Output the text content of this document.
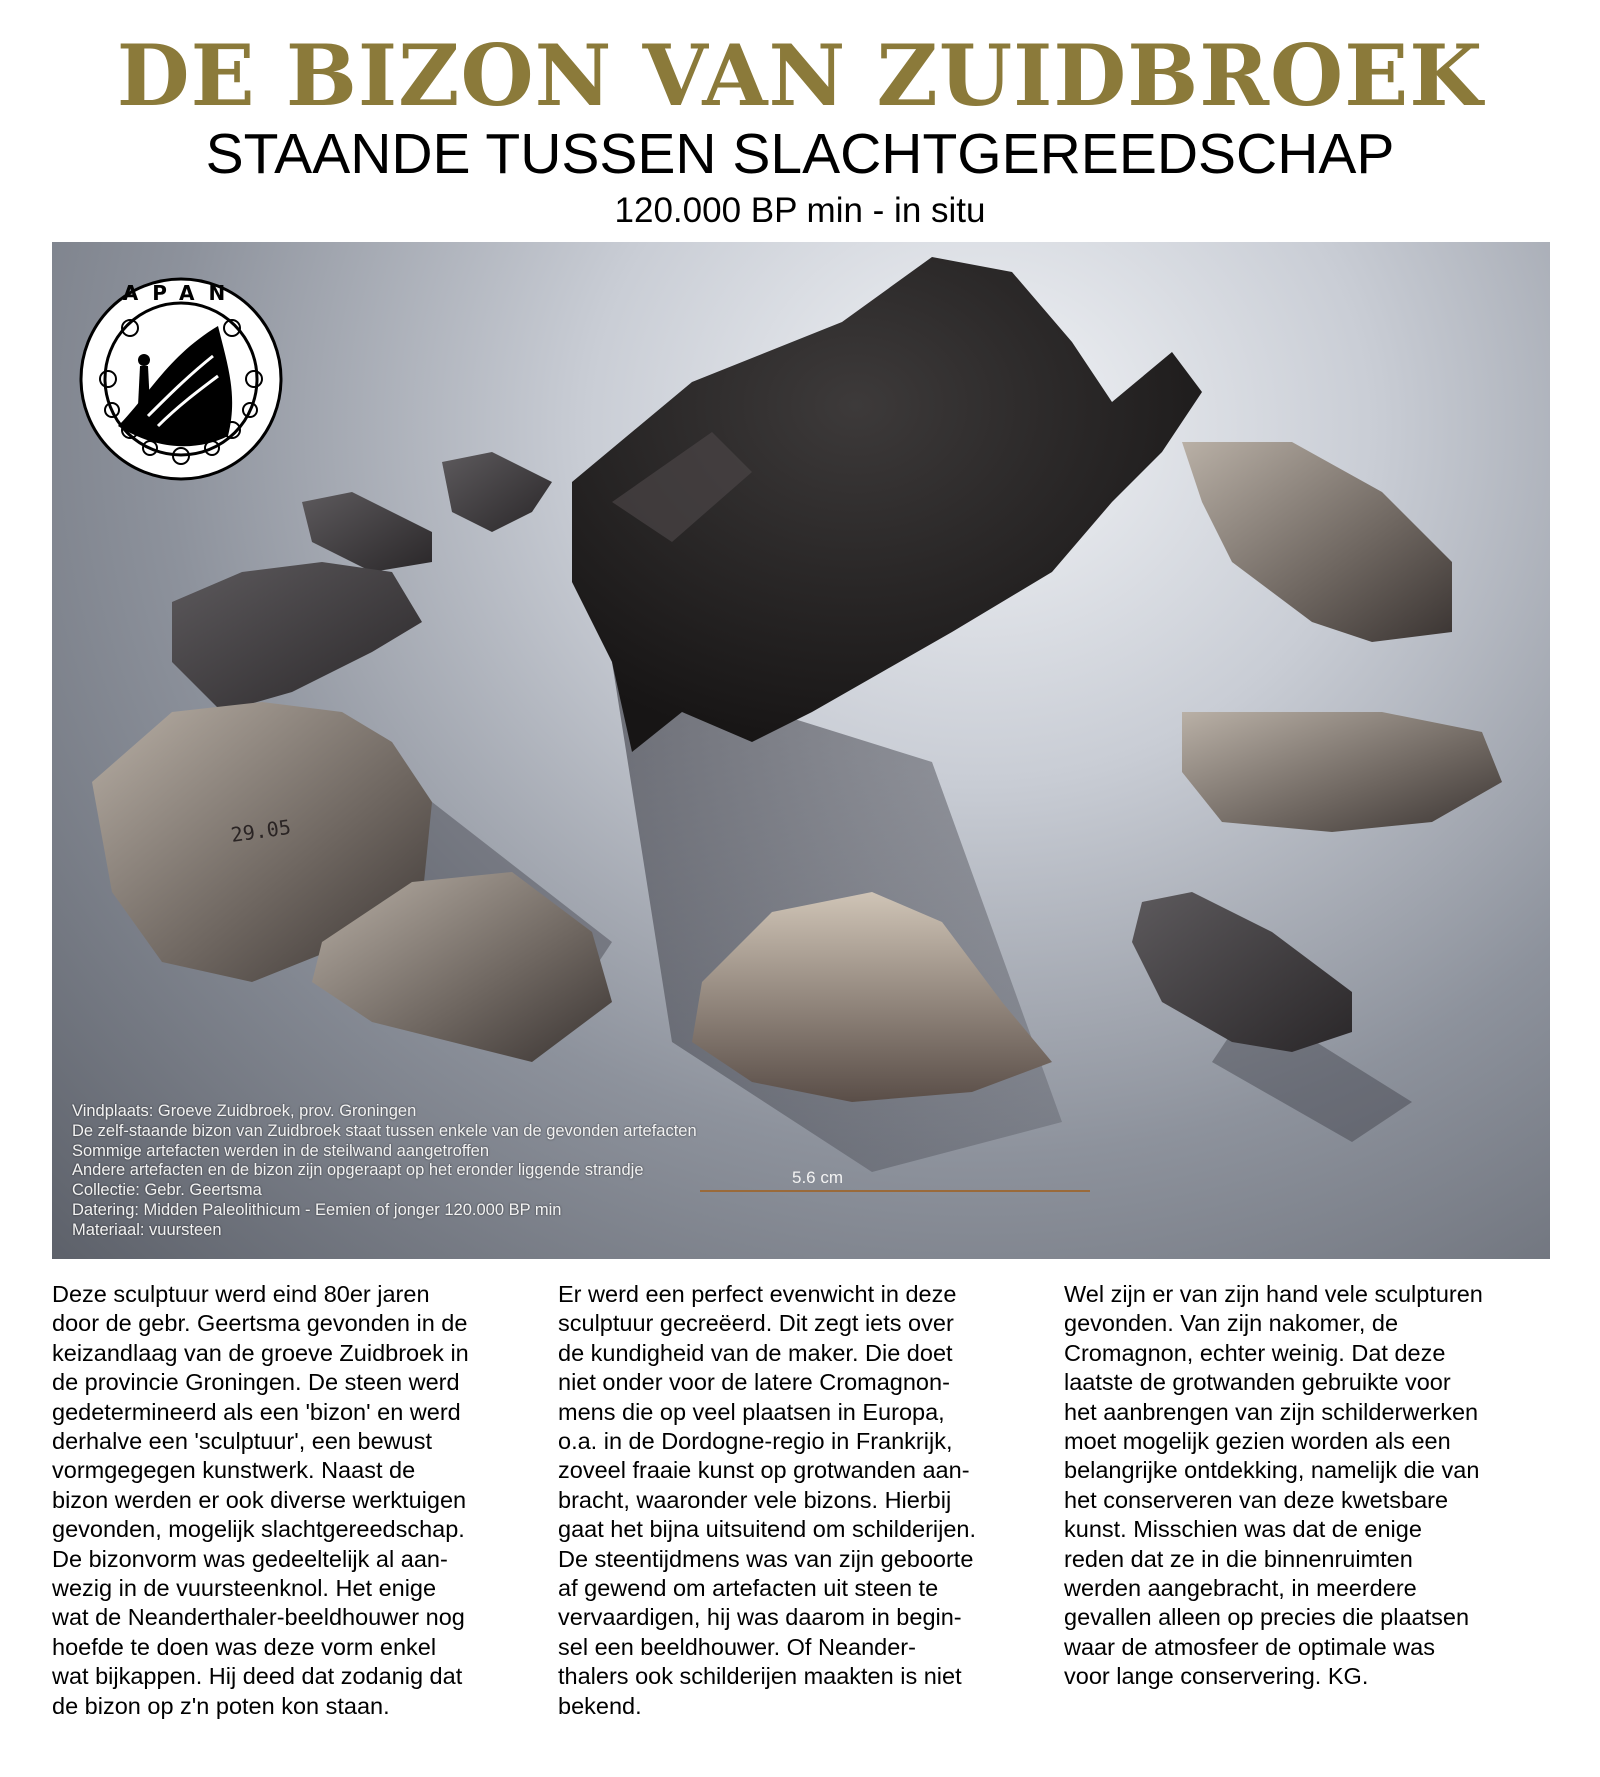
DE BIZON VAN ZUIDBROEK
STAANDE TUSSEN SLACHTGEREEDSCHAP
120.000 BP min - in situ
29.05
APAN
Vindplaats: Groeve Zuidbroek, prov. Groningen
De zelf-staande bizon van Zuidbroek staat tussen enkele van de gevonden artefacten
Sommige artefacten werden in de steilwand aangetroffen
Andere artefacten en de bizon zijn opgeraapt op het eronder liggende strandje
Collectie: Gebr. Geertsma
Datering: Midden Paleolithicum - Eemien of jonger 120.000 BP min
Materiaal: vuursteen
5.6 cm
Deze sculptuur werd eind 80er jaren
door de gebr. Geertsma gevonden in de
keizandlaag van de groeve Zuidbroek in
de provincie Groningen. De steen werd
gedetermineerd als een 'bizon' en werd
derhalve een 'sculptuur', een bewust
vormgegegen kunstwerk. Naast de
bizon werden er ook diverse werktuigen
gevonden, mogelijk slachtgereedschap.
De bizonvorm was gedeeltelijk al aan-
wezig in de vuursteenknol. Het enige
wat de Neanderthaler-beeldhouwer nog
hoefde te doen was deze vorm enkel
wat bijkappen. Hij deed dat zodanig dat
de bizon op z'n poten kon staan.
Er werd een perfect evenwicht in deze
sculptuur gecreëerd. Dit zegt iets over
de kundigheid van de maker. Die doet
niet onder voor de latere Cromagnon-
mens die op veel plaatsen in Europa,
o.a. in de Dordogne-regio in Frankrijk,
zoveel fraaie kunst op grotwanden aan-
bracht, waaronder vele bizons. Hierbij
gaat het bijna uitsuitend om schilderijen.
De steentijdmens was van zijn geboorte
af gewend om artefacten uit steen te
vervaardigen, hij was daarom in begin-
sel een beeldhouwer. Of Neander-
thalers ook schilderijen maakten is niet
bekend.
Wel zijn er van zijn hand vele sculpturen
gevonden. Van zijn nakomer, de
Cromagnon, echter weinig. Dat deze
laatste de grotwanden gebruikte voor
het aanbrengen van zijn schilderwerken
moet mogelijk gezien worden als een
belangrijke ontdekking, namelijk die van
het conserveren van deze kwetsbare
kunst. Misschien was dat de enige
reden dat ze in die binnenruimten
werden aangebracht, in meerdere
gevallen alleen op precies die plaatsen
waar de atmosfeer de optimale was
voor lange conservering. KG.
